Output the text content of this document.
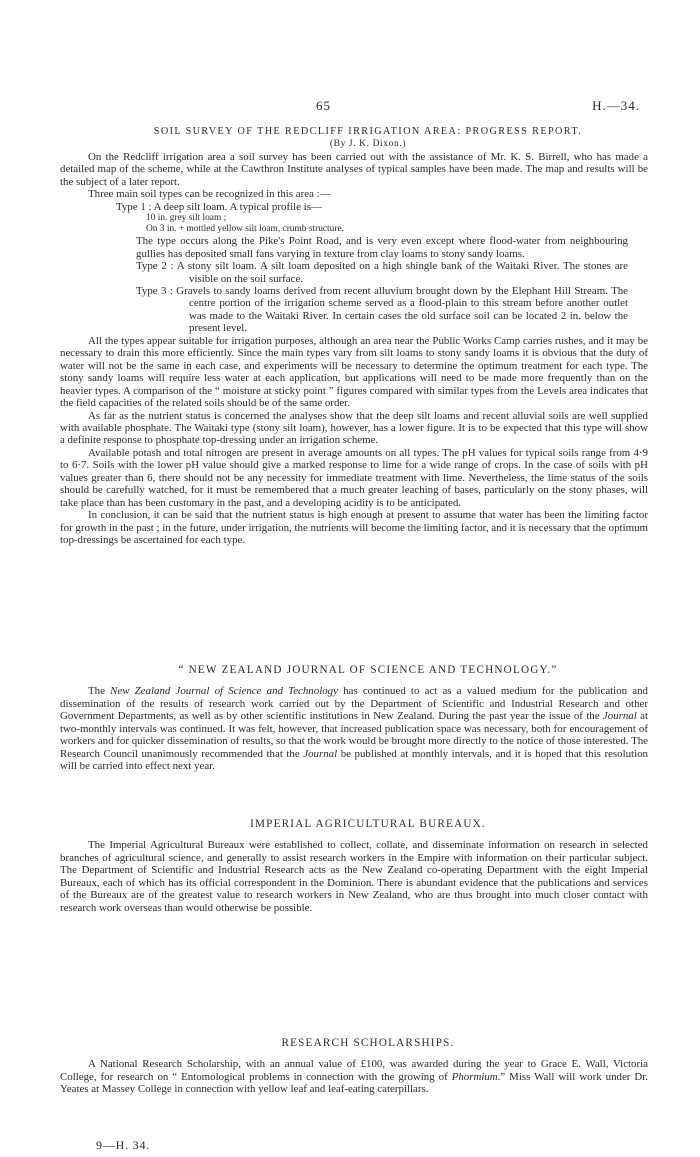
65	H.—34.

SOIL SURVEY OF THE REDCLIFF IRRIGATION AREA: PROGRESS REPORT.

(By J. K. Dixon.)

On the Redcliff irrigation area a soil survey has been carried out with the assistance of Mr. K. S. Birrell, who has made a detailed map of the scheme, while at the Cawthron Institute analyses of typical samples have been made. The map and results will be the subject of a later report.

Three main soil types can be recognized in this area :—

Type 1 : A deep silt loam. A typical profile is—

10 in. grey silt loam ;

On 3 in. + mottled yellow silt loam, crumb structure.

The type occurs along the Pike's Point Road, and is very even except where flood-water from neighbouring gullies has deposited small fans varying in texture from clay loams to stony sandy loams.

Type 2 : A stony silt loam. A silt loam deposited on a high shingle bank of the Waitaki River. The stones are visible on the soil surface.

Type 3 : Gravels to sandy loams derived from recent alluvium brought down by the Elephant Hill Stream. The centre portion of the irrigation scheme served as a flood-plain to this stream before another outlet was made to the Waitaki River. In certain cases the old surface soil can be located 2 in. below the present level.

All the types appear suitable for irrigation purposes, although an area near the Public Works Camp carries rushes, and it may be necessary to drain this more efficiently. Since the main types vary from silt loams to stony sandy loams it is obvious that the duty of water will not be the same in each case, and experiments will be necessary to determine the optimum treatment for each type. The stony sandy loams will require less water at each application, but applications will need to be made more frequently than on the heavier types. A comparison of the “ moisture at sticky point ” figures compared with similar types from the Levels area indicates that the field capacities of the related soils should be of the same order.

As far as the nutrient status is concerned the analyses show that the deep silt loams and recent alluvial soils are well supplied with available phosphate. The Waitaki type (stony silt loam), however, has a lower figure. It is to be expected that this type will show a definite response to phosphate top-dressing under an irrigation scheme.

Available potash and total nitrogen are present in average amounts on all types. The pH values for typical soils range from 4·9 to 6·7. Soils with the lower pH value should give a marked response to lime for a wide range of crops. In the case of soils with pH values greater than 6, there should not be any necessity for immediate treatment with lime. Nevertheless, the lime status of the soils should be carefully watched, for it must be remembered that a much greater leaching of bases, particularly on the stony phases, will take place than has been customary in the past, and a developing acidity is to be anticipated.

In conclusion, it can be said that the nutrient status is high enough at present to assume that water has been the limiting factor for growth in the past ; in the future, under irrigation, the nutrients will become the limiting factor, and it is necessary that the optimum top-dressings be ascertained for each type.

“ NEW ZEALAND JOURNAL OF SCIENCE AND TECHNOLOGY.”

The New Zealand Journal of Science and Technology has continued to act as a valued medium for the publication and dissemination of the results of research work carried out by the Department of Scientific and Industrial Research and other Government Departments, as well as by other scientific institutions in New Zealand. During the past year the issue of the Journal at two-monthly intervals was continued. It was felt, however, that increased publication space was necessary, both for encouragement of workers and for quicker dissemination of results, so that the work would be brought more directly to the notice of those interested. The Research Council unanimously recommended that the Journal be published at monthly intervals, and it is hoped that this resolution will be carried into effect next year.

IMPERIAL AGRICULTURAL BUREAUX.

The Imperial Agricultural Bureaux were established to collect, collate, and disseminate information on research in selected branches of agricultural science, and generally to assist research workers in the Empire with information on their particular subject. The Department of Scientific and Industrial Research acts as the New Zealand co-operating Department with the eight Imperial Bureaux, each of which has its official correspondent in the Dominion. There is abundant evidence that the publications and services of the Bureaux are of the greatest value to research workers in New Zealand, who are thus brought into much closer contact with research work overseas than would otherwise be possible.

RESEARCH SCHOLARSHIPS.

A National Research Scholarship, with an annual value of £100, was awarded during the year to Grace E. Wall, Victoria College, for research on “ Entomological problems in connection with the growing of Phormium.” Miss Wall will work under Dr. Yeates at Massey College in connection with yellow leaf and leaf-eating caterpillars.

9—H. 34.
